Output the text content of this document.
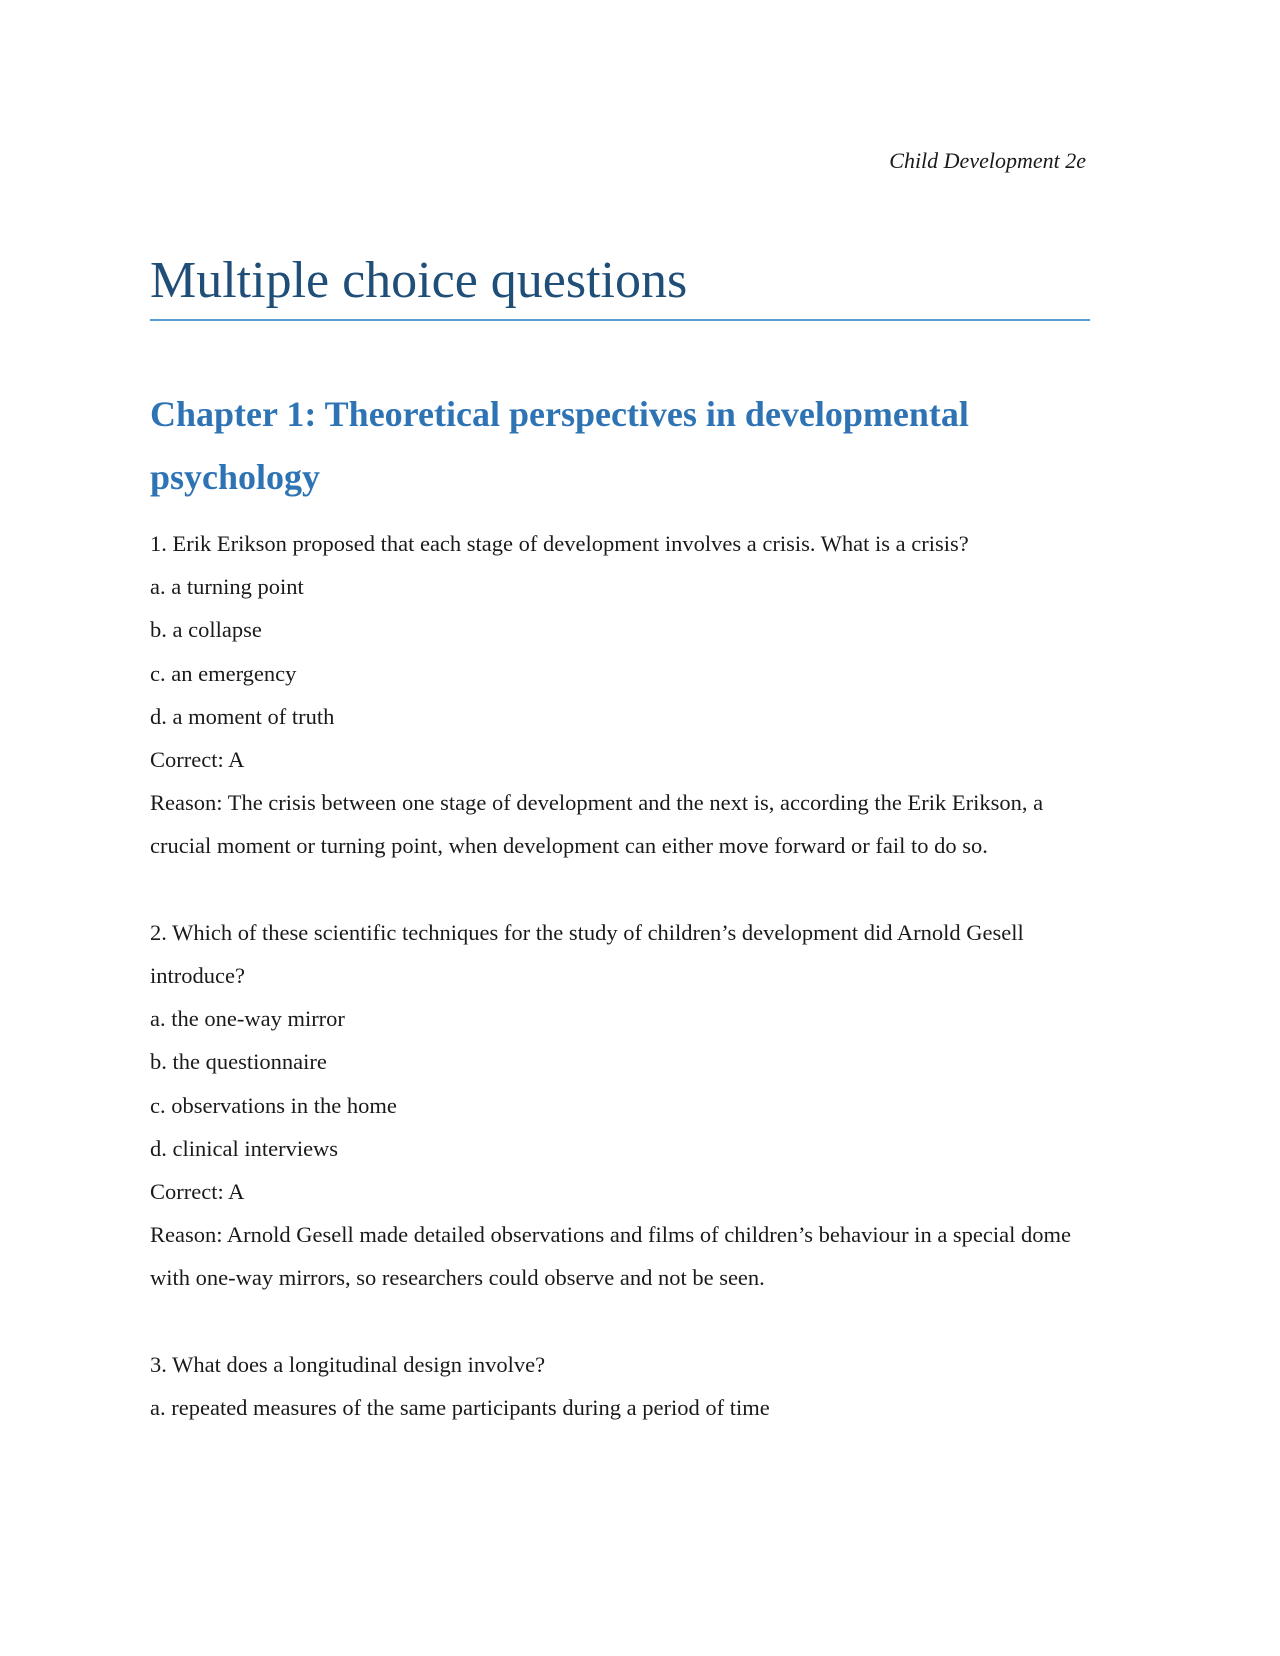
Child Development 2e
Multiple choice questions
Chapter 1: Theoretical perspectives in developmental psychology

1. Erik Erikson proposed that each stage of development involves a crisis. What is a crisis?

a. a turning point

b. a collapse

c. an emergency

d. a moment of truth

Correct: A

Reason: The crisis between one stage of development and the next is, according the Erik Erikson, a crucial moment or turning point, when development can either move forward or fail to do so.

2. Which of these scientific techniques for the study of children’s development did Arnold Gesell introduce?

a. the one-way mirror

b. the questionnaire

c. observations in the home

d. clinical interviews

Correct: A

Reason: Arnold Gesell made detailed observations and films of children’s behaviour in a special dome with one-way mirrors, so researchers could observe and not be seen.

3. What does a longitudinal design involve?

a. repeated measures of the same participants during a period of time
